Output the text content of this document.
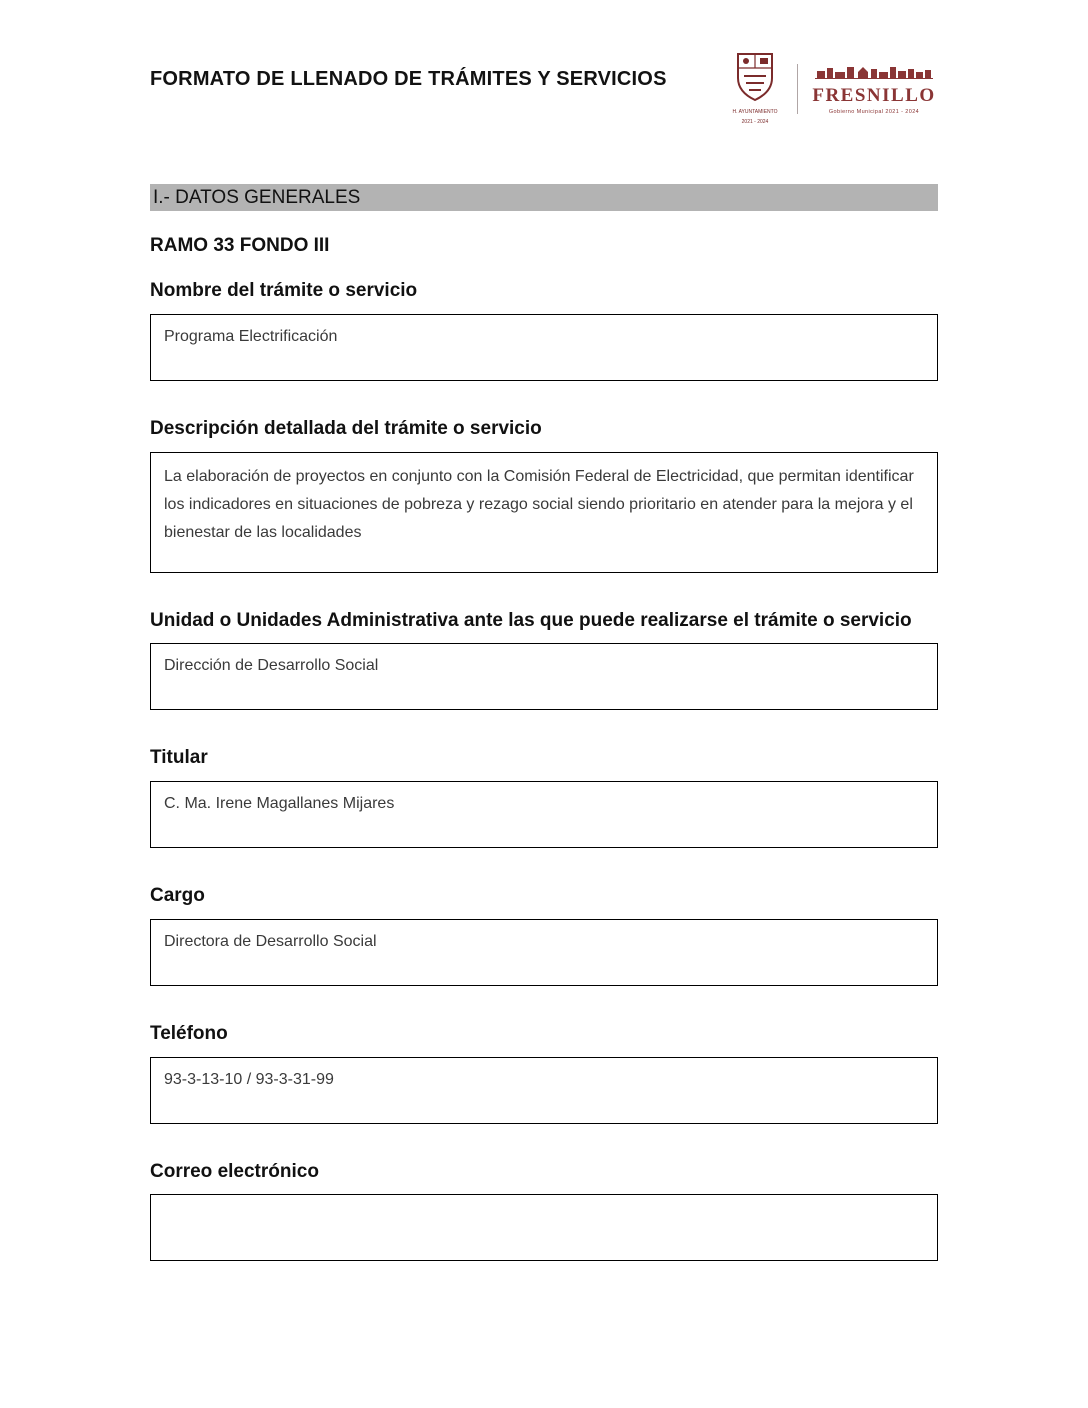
FORMATO DE LLENADO DE TRÁMITES Y SERVICIOS
H. AYUNTAMIENTO
2021 - 2024
FRESNILLO
Gobierno Municipal 2021 - 2024
I.- DATOS GENERALES
RAMO 33 FONDO III
Nombre del trámite o servicio
Programa Electrificación
Descripción detallada del trámite o servicio
La elaboración de proyectos en conjunto con la Comisión Federal de Electricidad, que permitan identificar los indicadores en situaciones de pobreza y rezago social siendo prioritario en atender para la mejora y el bienestar de las localidades
Unidad o Unidades Administrativa ante las que puede realizarse el trámite o servicio
Dirección de Desarrollo Social
Titular
C. Ma. Irene Magallanes Mijares
Cargo
Directora de Desarrollo Social
Teléfono
93-3-13-10 / 93-3-31-99
Correo electrónico
